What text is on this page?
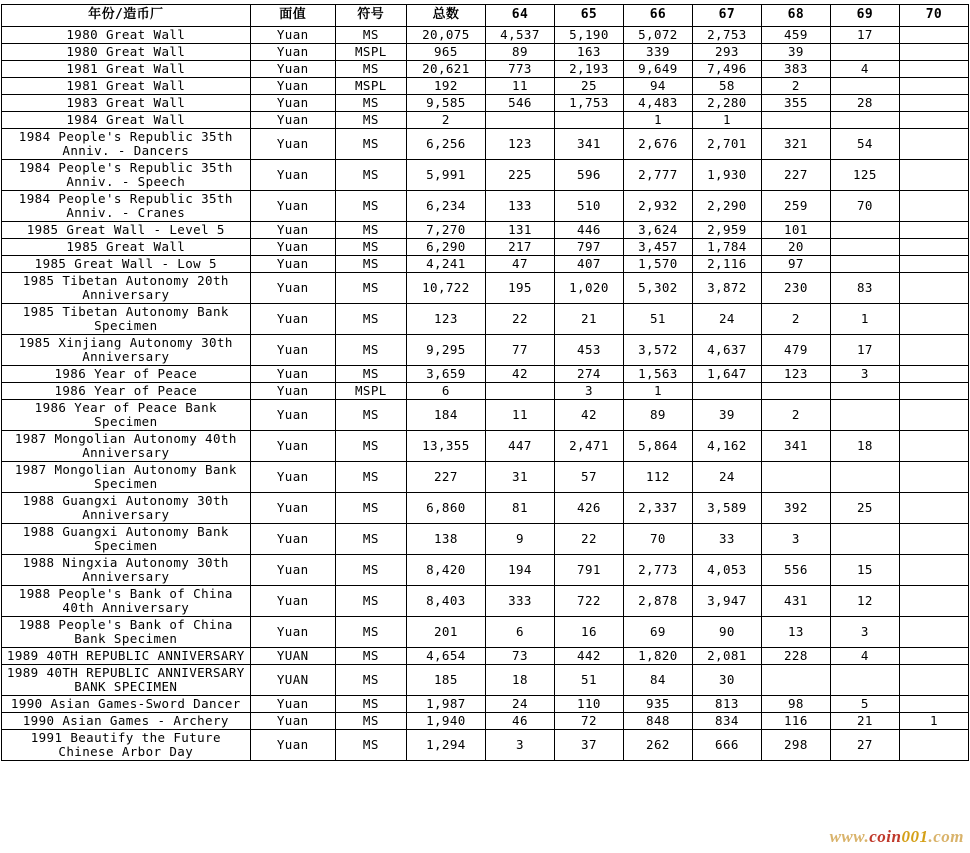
年份/造币厂	面值	符号	总数	64	65	66	67	68	69	70
1980 Great Wall	Yuan	MS	20,075	4,537	5,190	5,072	2,753	459	17	
1980 Great Wall	Yuan	MSPL	965	89	163	339	293	39		
1981 Great Wall	Yuan	MS	20,621	773	2,193	9,649	7,496	383	4	
1981 Great Wall	Yuan	MSPL	192	11	25	94	58	2		
1983 Great Wall	Yuan	MS	9,585	546	1,753	4,483	2,280	355	28	
1984 Great Wall	Yuan	MS	2			1	1			
1984 People's Republic 35th Anniv. - Dancers	Yuan	MS	6,256	123	341	2,676	2,701	321	54	
1984 People's Republic 35th Anniv. - Speech	Yuan	MS	5,991	225	596	2,777	1,930	227	125	
1984 People's Republic 35th Anniv. - Cranes	Yuan	MS	6,234	133	510	2,932	2,290	259	70	
1985 Great Wall - Level 5	Yuan	MS	7,270	131	446	3,624	2,959	101		
1985 Great Wall	Yuan	MS	6,290	217	797	3,457	1,784	20		
1985 Great Wall - Low 5	Yuan	MS	4,241	47	407	1,570	2,116	97		
1985 Tibetan Autonomy 20th Anniversary	Yuan	MS	10,722	195	1,020	5,302	3,872	230	83	
1985 Tibetan Autonomy Bank Specimen	Yuan	MS	123	22	21	51	24	2	1	
1985 Xinjiang Autonomy 30th Anniversary	Yuan	MS	9,295	77	453	3,572	4,637	479	17	
1986 Year of Peace	Yuan	MS	3,659	42	274	1,563	1,647	123	3	
1986 Year of Peace	Yuan	MSPL	6		3	1				
1986 Year of Peace Bank Specimen	Yuan	MS	184	11	42	89	39	2		
1987 Mongolian Autonomy 40th Anniversary	Yuan	MS	13,355	447	2,471	5,864	4,162	341	18	
1987 Mongolian Autonomy Bank Specimen	Yuan	MS	227	31	57	112	24			
1988 Guangxi Autonomy 30th Anniversary	Yuan	MS	6,860	81	426	2,337	3,589	392	25	
1988 Guangxi Autonomy Bank Specimen	Yuan	MS	138	9	22	70	33	3		
1988 Ningxia Autonomy 30th Anniversary	Yuan	MS	8,420	194	791	2,773	4,053	556	15	
1988 People's Bank of China 40th Anniversary	Yuan	MS	8,403	333	722	2,878	3,947	431	12	
1988 People's Bank of China Bank Specimen	Yuan	MS	201	6	16	69	90	13	3	
1989 40TH REPUBLIC ANNIVERSARY	YUAN	MS	4,654	73	442	1,820	2,081	228	4	
1989 40TH REPUBLIC ANNIVERSARY BANK SPECIMEN	YUAN	MS	185	18	51	84	30			
1990 Asian Games-Sword Dancer	Yuan	MS	1,987	24	110	935	813	98	5	
1990 Asian Games - Archery	Yuan	MS	1,940	46	72	848	834	116	21	1
1991 Beautify the Future Chinese Arbor Day	Yuan	MS	1,294	3	37	262	666	298	27	
www.coin001.com
